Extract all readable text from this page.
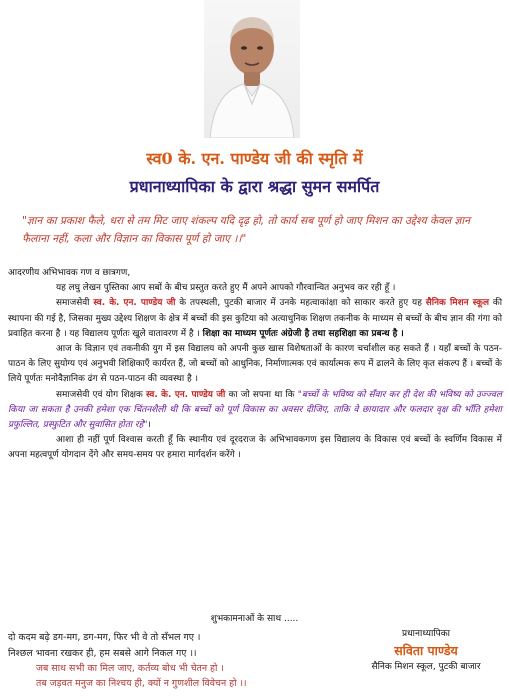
स्व0 के. एन. पाण्डेय जी की स्मृति में
प्रधानाध्यापिका के द्वारा श्रद्धा सुमन समर्पित
"ज्ञान का प्रकाश फैले, धरा से तम मिट जाए शंकल्प यदि दृढ़ हो, तो कार्य सब पूर्ण हो जाए मिशन का उद्देश्य केवल ज्ञान फैलाना नहीं, कला और विज्ञान का विकास पूर्ण हो जाए ।।"

आदरणीय अभिभावक गण व छात्रगण,

यह लघु लेखन पुस्तिका आप सबों के बीच प्रस्तुत करते हुए मैं अपने आपको गौरवान्वित अनुभव कर रही हूँ ।

समाजसेवी स्व. के. एन. पाण्डेय जी के तपस्थली, पुटकी बाजार में उनके महत्वाकांक्षा को साकार करते हुए यह सैनिक मिशन स्कूल की स्थापना की गई है, जिसका मुख्य उद्देश्य शिक्षण के क्षेत्र में बच्चों की इस कुटिया को अत्याधुनिक शिक्षण तकनीक के माध्यम से बच्चों के बीच ज्ञान की गंगा को प्रवाहित करना है । यह विद्यालय पूर्णतः खुले वातावरण में है । शिक्षा का माध्यम पूर्णतः अंग्रेजी है तथा सहशिक्षा का प्रबन्ध है ।

आज के विज्ञान एवं तकनीकी युग में इस विद्यालय को अपनी कुछ खास विशेषताओं के कारण चर्चाशील कह सकते हैं । यहाँ बच्चों के पठन-पाठन के लिए सुयोग्य एवं अनुभवी शिक्षिकाएँ कार्यरत हैं, जो बच्चों को आधुनिक, निर्माणात्मक एवं कार्यात्मक रूप में ढालने के लिए कृत संकल्प हैं । बच्चों के लिये पूर्णतः मनोवैज्ञानिक ढंग से पठन-पाठन की व्यवस्था है ।

समाजसेवी एवं योग शिक्षक स्व. के. एन. पाण्डेय जी का जो सपना था कि "बच्चों के भविष्य को सँवार कर ही देश की भविष्य को उज्ज्वल किया जा सकता है उनकी हमेशा एक चिंतनशैली थी कि बच्चों को पूर्ण विकास का अवसर दीजिए, ताकि वे छायादार और फलदार वृक्ष की भाँति हमेशा प्रफुल्लित, प्रस्फुटित और सुवासित होता रहे"।

आशा ही नहीं पूर्ण विश्वास करती हूँ कि स्थानीय एवं दूरदराज के अभिभावकगण इस विद्यालय के विकास एवं बच्चों के स्वर्णिम विकास में अपना महत्वपूर्ण योगदान देंगे और समय-समय पर हमारा मार्गदर्शन करेंगे ।

शुभकामनाओं के साथ .....
दो कदम बढ़े डग-मग, डग-मग, फिर भी वे तो सँभल गए ।
निश्छल भावना रखकर ही, हम सबसे आगे निकल गए ।।
जब साथ सभी का मिल जाए, कर्तव्य बोध भी चेतन हो ।
तब जड़वत मनुज का निश्चय ही, क्यों न गुणशील विवेचन हो ।।
प्रधानाध्यापिका
सविता पाण्डेय
सैनिक मिशन स्कूल, पुटकी बाजार
